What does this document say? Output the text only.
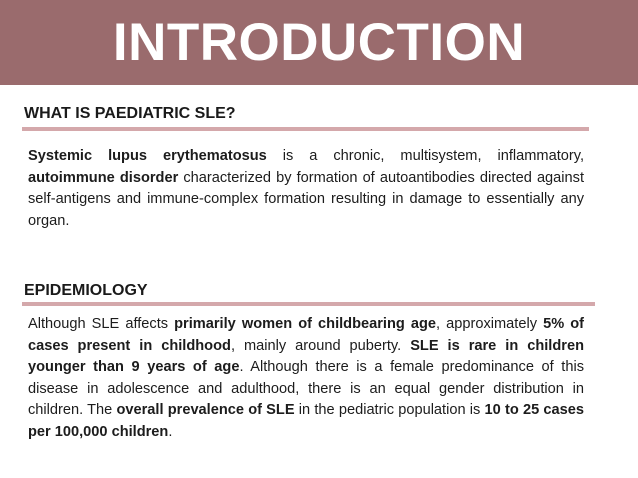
INTRODUCTION
WHAT IS PAEDIATRIC SLE?
Systemic lupus erythematosus is a chronic, multisystem, inflammatory, autoimmune disorder characterized by formation of autoantibodies directed against self-antigens and immune-complex formation resulting in damage to essentially any organ.
EPIDEMIOLOGY
Although SLE affects primarily women of childbearing age, approximately 5% of cases present in childhood, mainly around puberty. SLE is rare in children younger than 9 years of age. Although there is a female predominance of this disease in adolescence and adulthood, there is an equal gender distribution in children. The overall prevalence of SLE in the pediatric population is 10 to 25 cases per 100,000 children.
